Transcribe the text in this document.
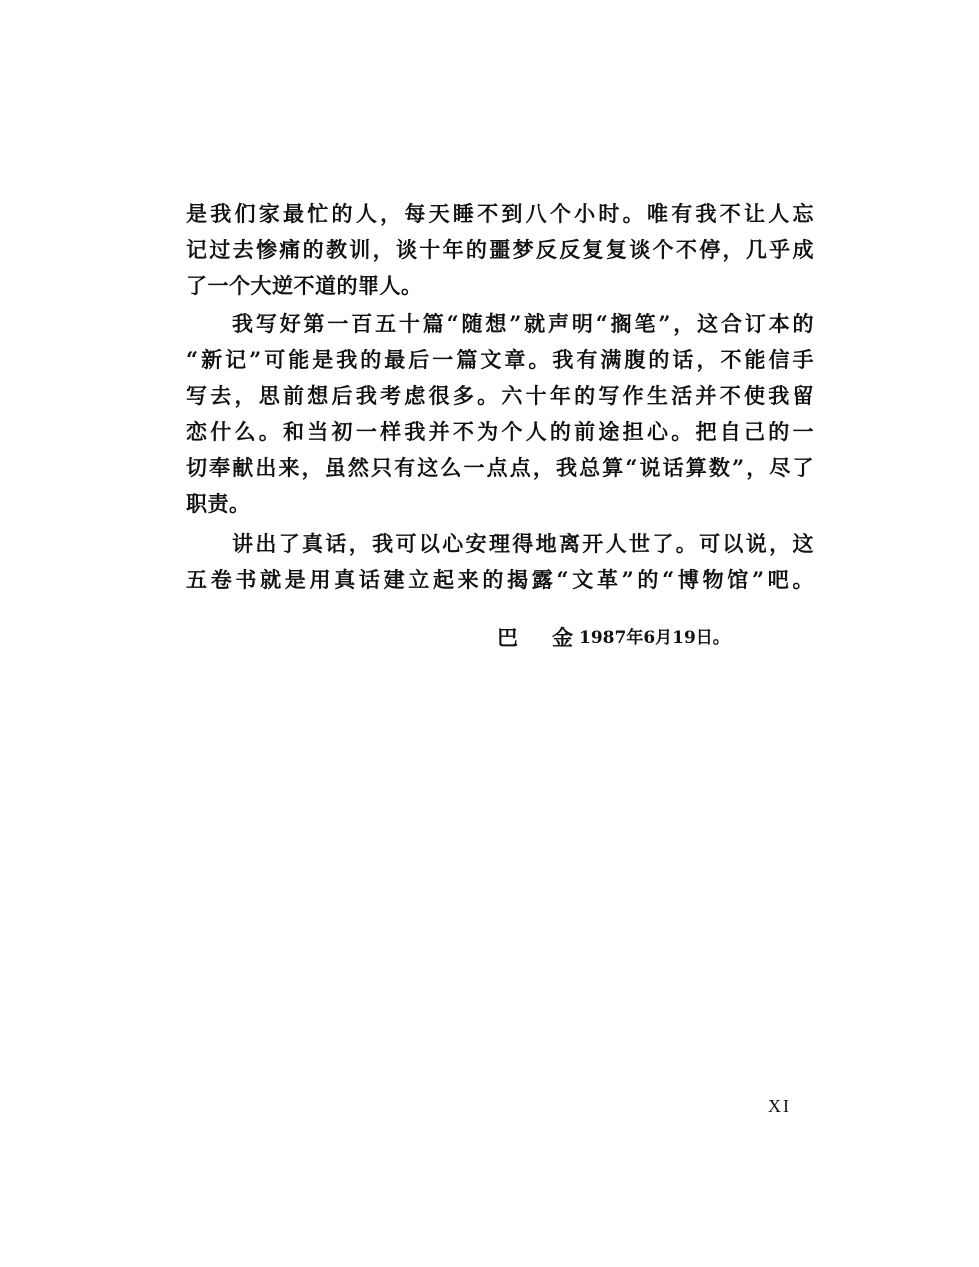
是我们家最忙的人，每天睡不到八个小时。唯有我不让人忘
记过去惨痛的教训，谈十年的噩梦反反复复谈个不停，几乎成
了一个大逆不道的罪人。
我写好第一百五十篇“随想”就声明“搁笔”，这合订本的
“新记”可能是我的最后一篇文章。我有满腹的话，不能信手
写去，思前想后我考虑很多。六十年的写作生活并不使我留
恋什么。和当初一样我并不为个人的前途担心。把自己的一
切奉献出来，虽然只有这么一点点，我总算“说话算数”，尽了
职责。
讲出了真话，我可以心安理得地离开人世了。可以说，这
五卷书就是用真话建立起来的揭露“文革”的“博物馆”吧。
巴 金 1987年6月19日。
XI
